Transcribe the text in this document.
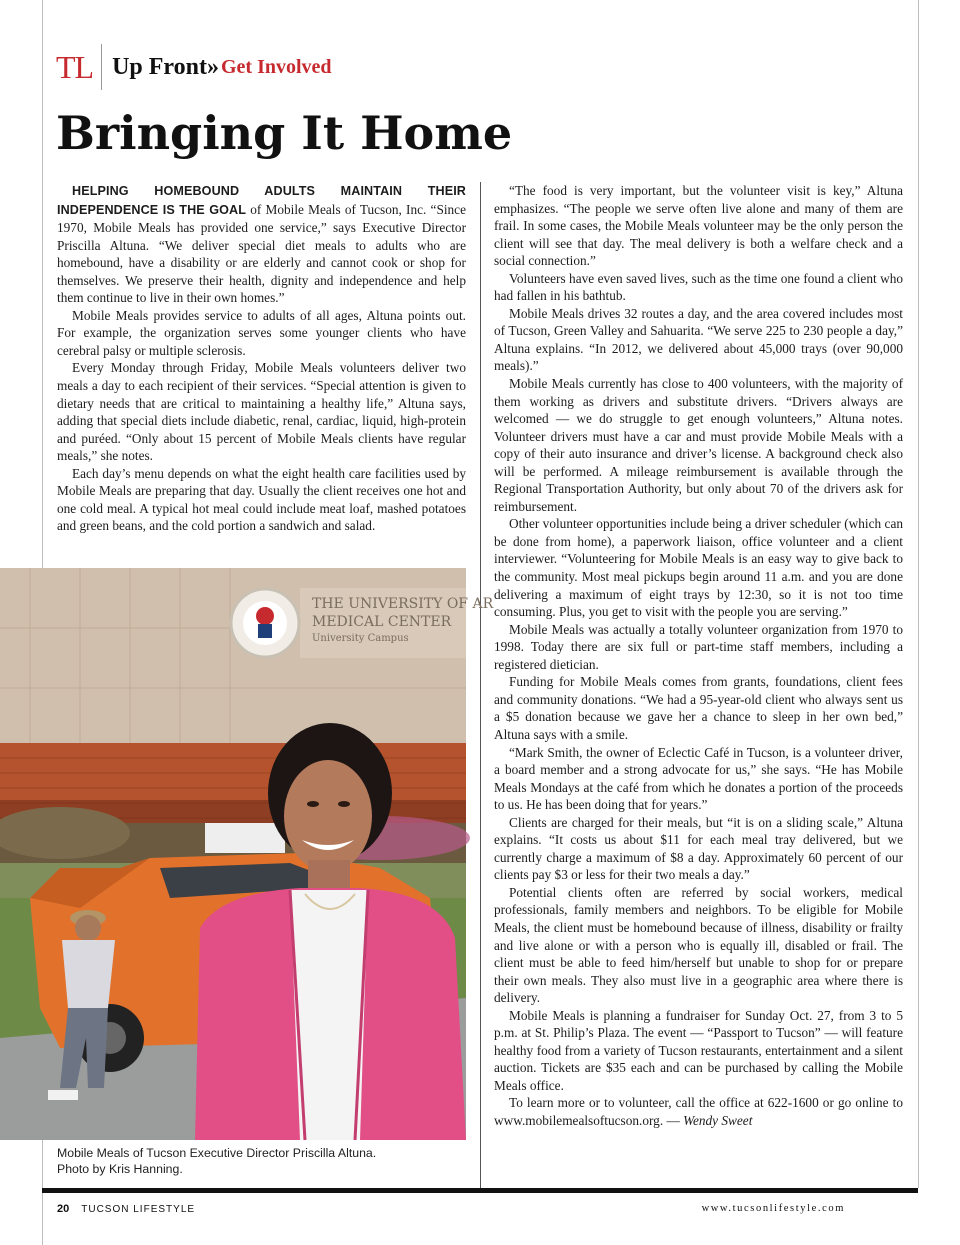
TL Up Front» Get Involved
Bringing It Home

HELPING HOMEBOUND ADULTS MAINTAIN THEIR INDEPENDENCE IS THE GOAL of Mobile Meals of Tucson, Inc. “Since 1970, Mobile Meals has provided one service,” says Executive Director Priscilla Altuna. “We deliver special diet meals to adults who are homebound, have a disability or are elderly and cannot cook or shop for themselves. We preserve their health, dignity and independence and help them continue to live in their own homes.”

Mobile Meals provides service to adults of all ages, Altuna points out. For example, the organization serves some younger clients who have cerebral palsy or multiple sclerosis.

Every Monday through Friday, Mobile Meals volunteers deliver two meals a day to each recipient of their services. “Special attention is given to dietary needs that are critical to maintaining a healthy life,” Altuna says, adding that special diets include diabetic, renal, cardiac, liquid, high-protein and puréed. “Only about 15 percent of Mobile Meals clients have regular meals,” she notes.

Each day’s menu depends on what the eight health care facilities used by Mobile Meals are preparing that day. Usually the client receives one hot and one cold meal. A typical hot meal could include meat loaf, mashed potatoes and green beans, and the cold portion a sandwich and salad.

“The food is very important, but the volunteer visit is key,” Altuna emphasizes. “The people we serve often live alone and many of them are frail. In some cases, the Mobile Meals volunteer may be the only person the client will see that day. The meal delivery is both a welfare check and a social connection.”

Volunteers have even saved lives, such as the time one found a client who had fallen in his bathtub.

Mobile Meals drives 32 routes a day, and the area covered includes most of Tucson, Green Valley and Sahuarita. “We serve 225 to 230 people a day,” Altuna explains. “In 2012, we delivered about 45,000 trays (over 90,000 meals).”

Mobile Meals currently has close to 400 volunteers, with the majority of them working as drivers and substitute drivers. “Drivers always are welcomed — we do struggle to get enough volunteers,” Altuna notes. Volunteer drivers must have a car and must provide Mobile Meals with a copy of their auto insurance and driver’s license. A background check also will be performed. A mileage reimbursement is available through the Regional Transportation Authority, but only about 70 of the drivers ask for reimbursement.

Other volunteer opportunities include being a driver scheduler (which can be done from home), a paperwork liaison, office volunteer and a client interviewer. “Volunteering for Mobile Meals is an easy way to give back to the community. Most meal pickups begin around 11 a.m. and you are done delivering a maximum of eight trays by 12:30, so it is not too time consuming. Plus, you get to visit with the people you are serving.”

Mobile Meals was actually a totally volunteer organization from 1970 to 1998. Today there are six full or part-time staff members, including a registered dietician.

Funding for Mobile Meals comes from grants, foundations, client fees and community donations. “We had a 95-year-old client who always sent us a $5 donation because we gave her a chance to sleep in her own bed,” Altuna says with a smile.

“Mark Smith, the owner of Eclectic Café in Tucson, is a volunteer driver, a board member and a strong advocate for us,” she says. “He has Mobile Meals Mondays at the café from which he donates a portion of the proceeds to us. He has been doing that for years.”

Clients are charged for their meals, but “it is on a sliding scale,” Altuna explains. “It costs us about $11 for each meal tray delivered, but we currently charge a maximum of $8 a day. Approximately 60 percent of our clients pay $3 or less for their two meals a day.”

Potential clients often are referred by social workers, medical professionals, family members and neighbors. To be eligible for Mobile Meals, the client must be homebound because of illness, disability or frailty and live alone or with a person who is equally ill, disabled or frail. The client must be able to feed him/herself but unable to shop for or prepare their own meals. They also must live in a geographic area where there is delivery.

Mobile Meals is planning a fundraiser for Sunday Oct. 27, from 3 to 5 p.m. at St. Philip’s Plaza. The event — “Passport to Tucson” — will feature healthy food from a variety of Tucson restaurants, entertainment and a silent auction. Tickets are $35 each and can be purchased by calling the Mobile Meals office.

To learn more or to volunteer, call the office at 622-1600 or go online to www.mobilemealsoftucson.org. — Wendy Sweet

THE UNIVERSITY OF AR
MEDICAL CENTER
University Campus
Mobile Meals of Tucson Executive Director Priscilla Altuna.
Photo by Kris Hanning.
20 TUCSON LIFESTYLE	www.tucsonlifestyle.com
